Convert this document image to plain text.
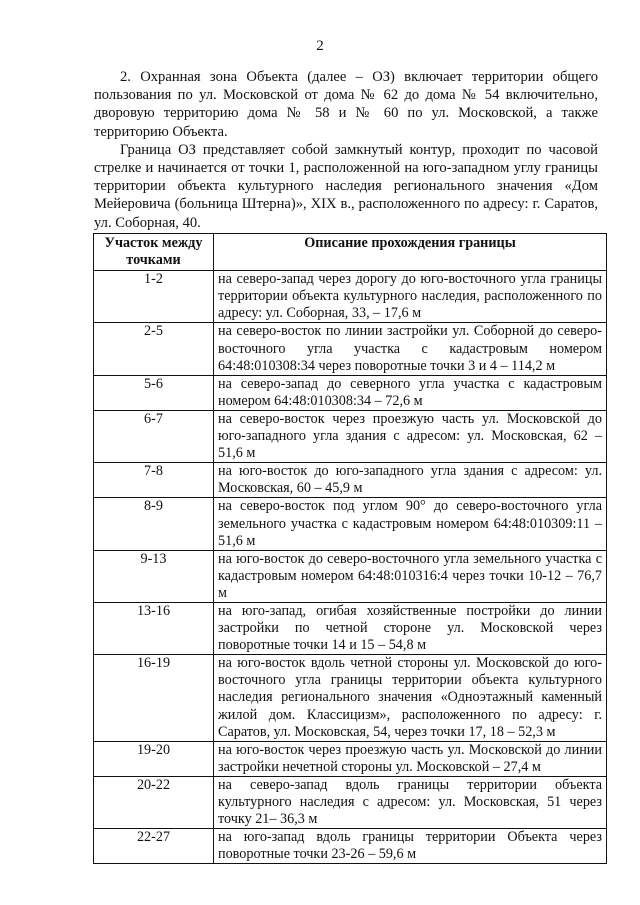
2

2. Охранная зона Объекта (далее – ОЗ) включает территории общего пользования по ул. Московской от дома № 62 до дома № 54 включительно, дворовую территорию дома № 58 и № 60 по ул. Московской, а также территорию Объекта.

Граница ОЗ представляет собой замкнутый контур, проходит по часовой стрелке и начинается от точки 1, расположенной на юго-западном углу границы территории объекта культурного наследия регионального значения «Дом Мейеровича (больница Штерна)», XIX в., расположенного по адресу: г. Саратов, ул. Соборная, 40.

Участок между точками	Описание прохождения границы
1-2	на северо-запад через дорогу до юго-восточного угла границы территории объекта культурного наследия, расположенного по адресу: ул. Соборная, 33, – 17,6 м
2-5	на северо-восток по линии застройки ул. Соборной до северо-восточного угла участка с кадастровым номером 64:48:010308:34 через поворотные точки 3 и 4 – 114,2 м
5-6	на северо-запад до северного угла участка с кадастровым номером 64:48:010308:34 – 72,6 м
6-7	на северо-восток через проезжую часть ул. Московской до юго-западного угла здания с адресом: ул. Московская, 62 – 51,6 м
7-8	на юго-восток до юго-западного угла здания с адресом: ул. Московская, 60 – 45,9 м
8-9	на северо-восток под углом 90° до северо-восточного угла земельного участка с кадастровым номером 64:48:010309:11 – 51,6 м
9-13	на юго-восток до северо-восточного угла земельного участка с кадастровым номером 64:48:010316:4 через точки 10-12 – 76,7 м
13-16	на юго-запад, огибая хозяйственные постройки до линии застройки по четной стороне ул. Московской через поворотные точки 14 и 15 – 54,8 м
16-19	на юго-восток вдоль четной стороны ул. Московской до юго-восточного угла границы территории объекта культурного наследия регионального значения «Одноэтажный каменный жилой дом. Классицизм», расположенного по адресу: г. Саратов, ул. Московская, 54, через точки 17, 18 – 52,3 м
19-20	на юго-восток через проезжую часть ул. Московской до линии застройки нечетной стороны ул. Московской – 27,4 м
20-22	на северо-запад вдоль границы территории объекта культурного наследия с адресом: ул. Московская, 51 через точку 21– 36,3 м
22-27	на юго-запад вдоль границы территории Объекта через поворотные точки 23-26 – 59,6 м
